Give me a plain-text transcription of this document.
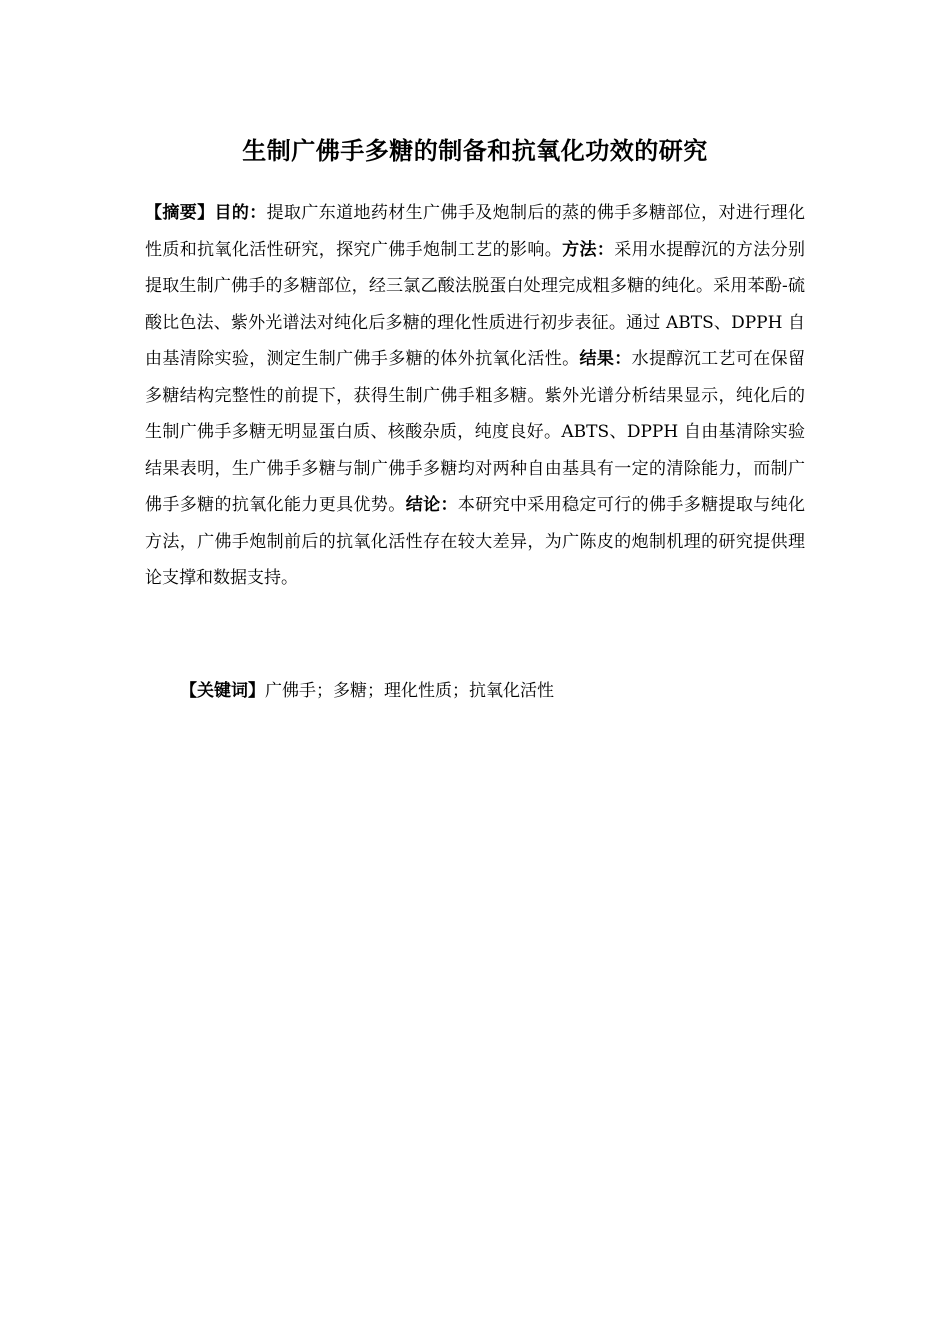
生制广佛手多糖的制备和抗氧化功效的研究

【摘要】目的：提取广东道地药材生广佛手及炮制后的蒸的佛手多糖部位，对进行理化性质和抗氧化活性研究，探究广佛手炮制工艺的影响。方法：采用水提醇沉的方法分别提取生制广佛手的多糖部位，经三氯乙酸法脱蛋白处理完成粗多糖的纯化。采用苯酚-硫酸比色法、紫外光谱法对纯化后多糖的理化性质进行初步表征。通过 ABTS、DPPH 自由基清除实验，测定生制广佛手多糖的体外抗氧化活性。结果：水提醇沉工艺可在保留多糖结构完整性的前提下，获得生制广佛手粗多糖。紫外光谱分析结果显示，纯化后的生制广佛手多糖无明显蛋白质、核酸杂质，纯度良好。ABTS、DPPH 自由基清除实验结果表明，生广佛手多糖与制广佛手多糖均对两种自由基具有一定的清除能力，而制广佛手多糖的抗氧化能力更具优势。结论：本研究中采用稳定可行的佛手多糖提取与纯化方法，广佛手炮制前后的抗氧化活性存在较大差异，为广陈皮的炮制机理的研究提供理论支撑和数据支持。

【关键词】广佛手；多糖；理化性质；抗氧化活性
